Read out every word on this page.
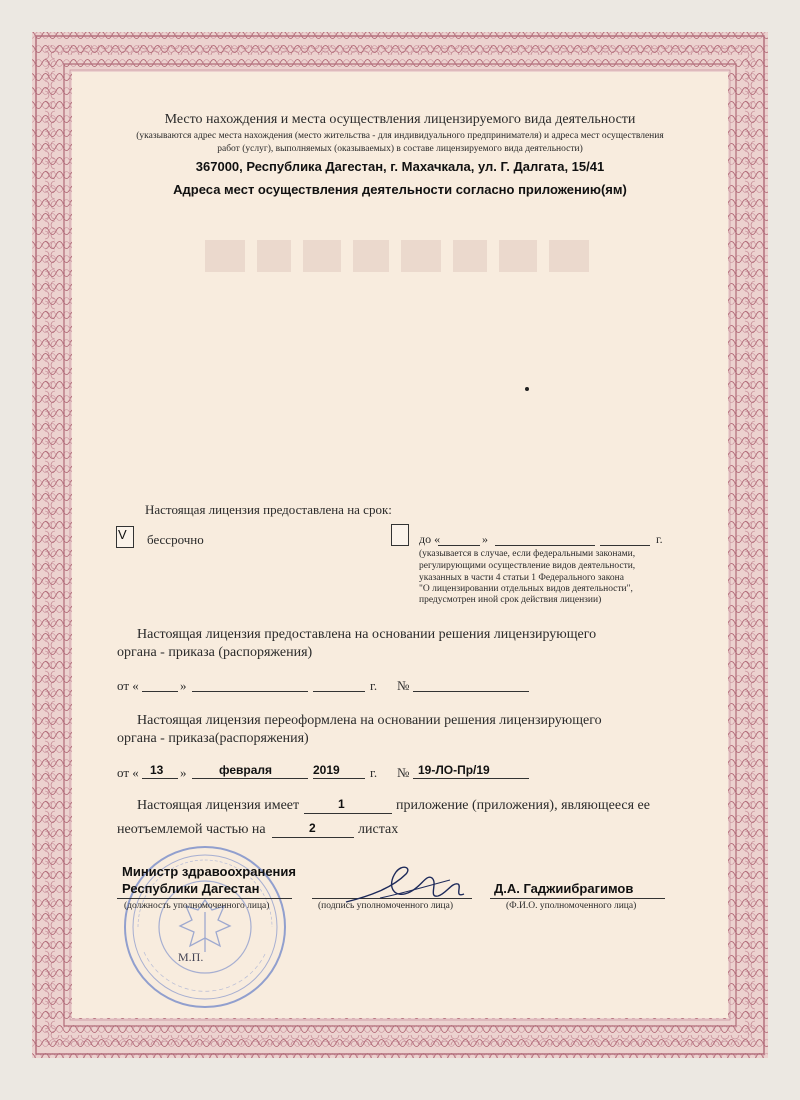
Место нахождения и места осуществления лицензируемого вида деятельности
(указываются адрес места нахождения (место жительства - для индивидуального предпринимателя) и адреса мест осуществления
работ (услуг), выполняемых (оказываемых) в составе лицензируемого вида деятельности)
367000, Республика Дагестан, г. Махачкала, ул. Г. Далгата, 15/41
Адреса мест осуществления деятельности согласно приложению(ям)
Настоящая лицензия предоставлена на срок:
V бессрочно	до «	»	г.
(указывается в случае, если федеральными законами,
регулирующими осуществление видов деятельности,
указанных в части 4 статьи 1 Федерального закона
"О лицензировании отдельных видов деятельности",
предусмотрен иной срок действия лицензии)
Настоящая лицензия предоставлена на основании решения лицензирующего
органа - приказа (распоряжения)
от «	»	г. №
Настоящая лицензия переоформлена на основании решения лицензирующего
органа - приказа(распоряжения)
от « 13 »	февраля	2019 г. № 19-ЛО-Пр/19
Настоящая лицензия имеет	1	приложение (приложения), являющееся ее
неотъемлемой частью на	2	листах
М.П.
Министр здравоохранения
Республики Дагестан
(должность уполномоченного лица)	(подпись уполномоченного лица)
Д.А. Гаджиибрагимов
(Ф.И.О. уполномоченного лица)
